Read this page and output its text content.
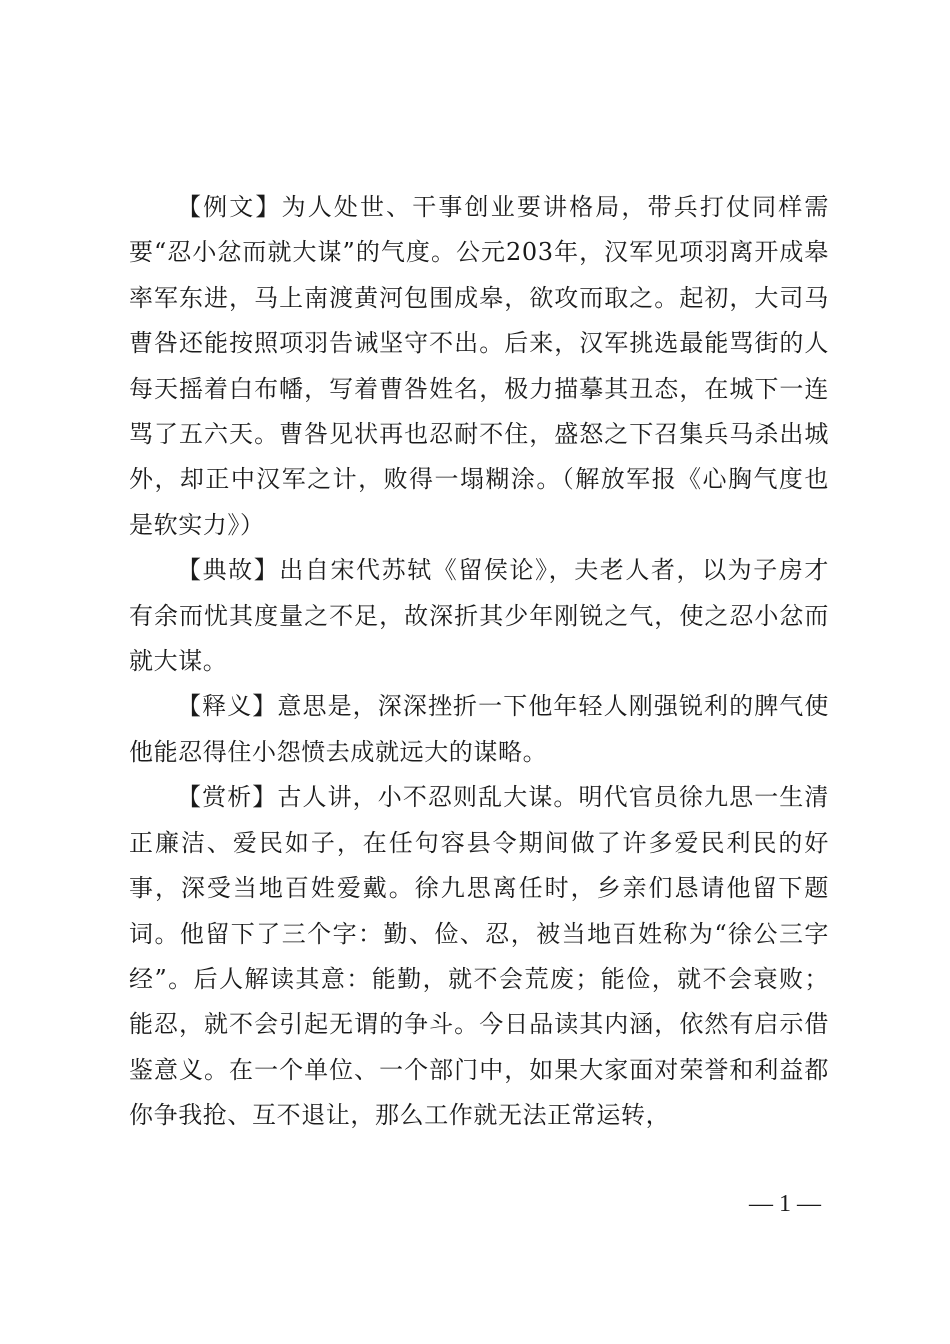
【例文】为人处世、干事创业要讲格局，带兵打仗同样需要“忍小忿而就大谋”的气度。公元203年，汉军见项羽离开成皋率军东进，马上南渡黄河包围成皋，欲攻而取之。起初，大司马曹咎还能按照项羽告诫坚守不出。后来，汉军挑选最能骂街的人每天摇着白布幡，写着曹咎姓名，极力描摹其丑态，在城下一连骂了五六天。曹咎见状再也忍耐不住，盛怒之下召集兵马杀出城外，却正中汉军之计，败得一塌糊涂。（解放军报《心胸气度也是软实力》）

【典故】出自宋代苏轼《留侯论》，夫老人者，以为子房才有余而忧其度量之不足，故深折其少年刚锐之气，使之忍小忿而就大谋。

【释义】意思是，深深挫折一下他年轻人刚强锐利的脾气使他能忍得住小怨愤去成就远大的谋略。

【赏析】古人讲，小不忍则乱大谋。明代官员徐九思一生清正廉洁、爱民如子，在任句容县令期间做了许多爱民利民的好事，深受当地百姓爱戴。徐九思离任时，乡亲们恳请他留下题词。他留下了三个字：勤、俭、忍，被当地百姓称为“徐公三字经”。后人解读其意：能勤，就不会荒废；能俭，就不会衰败；能忍，就不会引起无谓的争斗。今日品读其内涵，依然有启示借鉴意义。在一个单位、一个部门中，如果大家面对荣誉和利益都你争我抢、互不退让，那么工作就无法正常运转，

— 1 —
